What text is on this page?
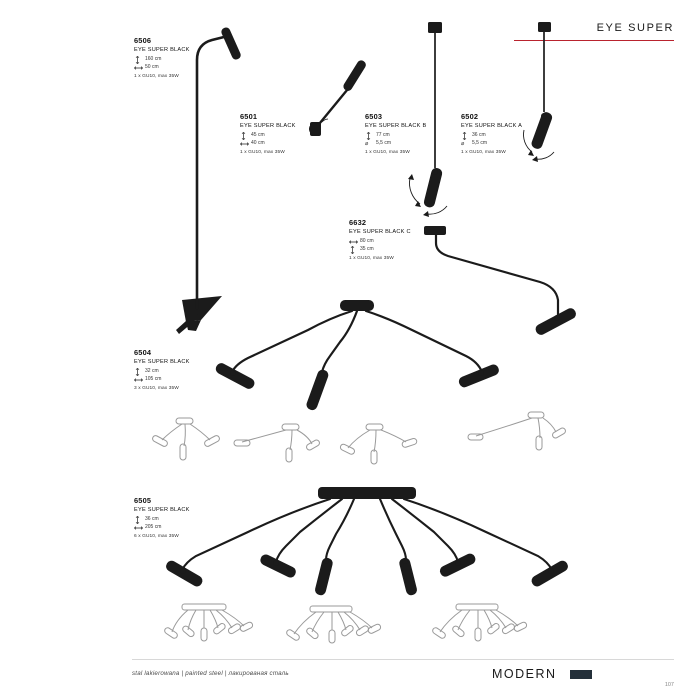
EYE SUPER
6506
EYE SUPER BLACK
160 cm
50 cm
1 x GU10, max 35W
6501
EYE SUPER BLACK
45 cm
40 cm
1 x GU10, max 35W
6503
EYE SUPER BLACK B
77 cm
⌀	5,5 cm
1 x GU10, max 35W
6502
EYE SUPER BLACK A
36 cm
⌀	5,5 cm
1 x GU10, max 35W
6632
EYE SUPER BLACK C
80 cm
35 cm
1 x GU10, max 35W
6504
EYE SUPER BLACK
32 cm
105 cm
3 x GU10, max 35W
6505
EYE SUPER BLACK
36 cm
205 cm
6 x GU10, max 35W
stal lakierowana | painted steel | лакированая сталь	MODERN
107
